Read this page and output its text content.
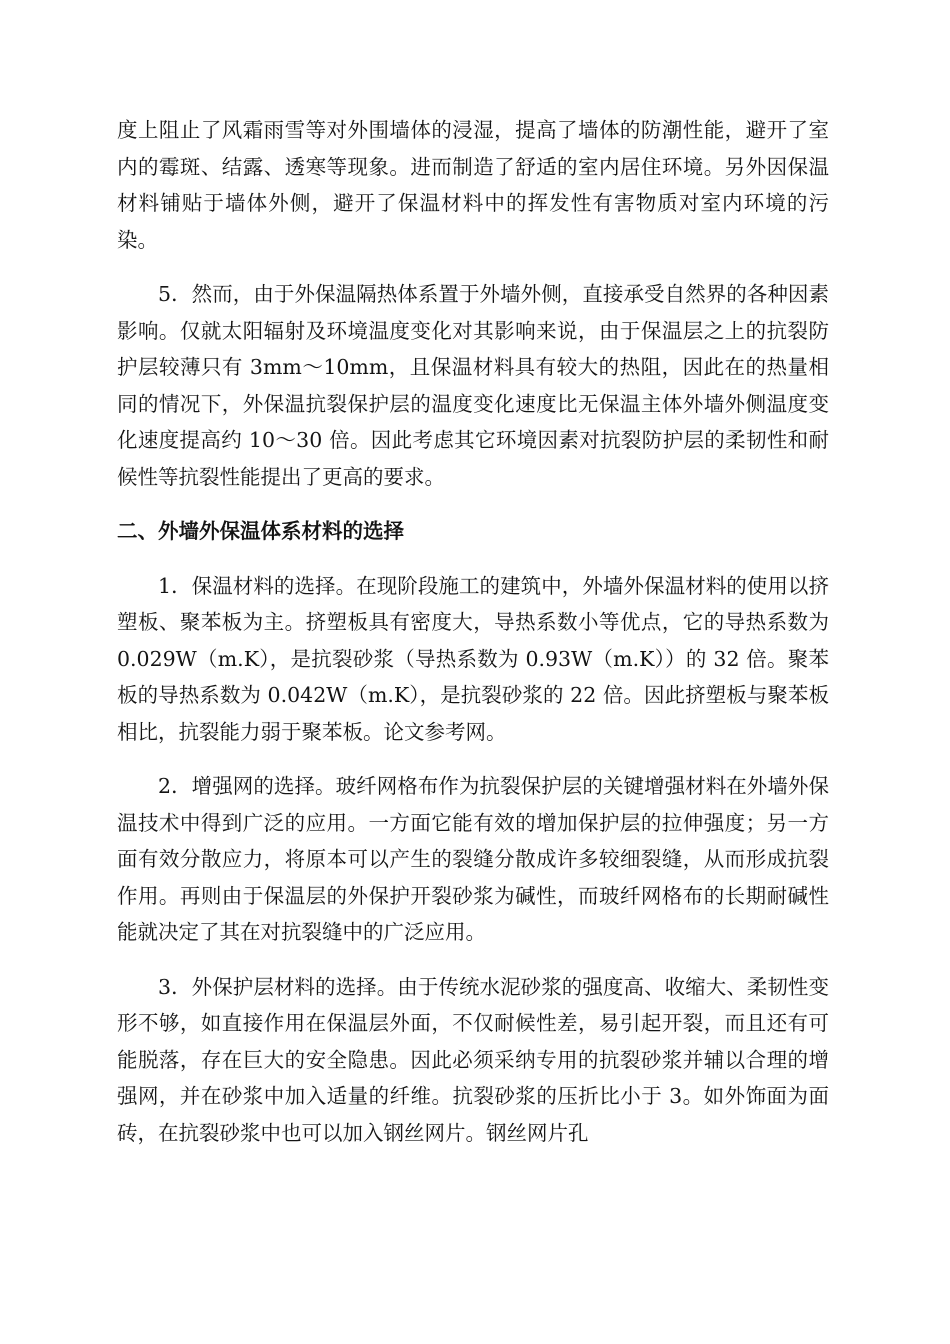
度上阻止了风霜雨雪等对外围墙体的浸湿，提高了墙体的防潮性能，避开了室内的霉斑、结露、透寒等现象。进而制造了舒适的室内居住环境。另外因保温材料铺贴于墙体外侧，避开了保温材料中的挥发性有害物质对室内环境的污染。

5．然而，由于外保温隔热体系置于外墙外侧，直接承受自然界的各种因素影响。仅就太阳辐射及环境温度变化对其影响来说，由于保温层之上的抗裂防护层较薄只有 3mm～10mm，且保温材料具有较大的热阻，因此在的热量相同的情况下，外保温抗裂保护层的温度变化速度比无保温主体外墙外侧温度变化速度提高约 10～30 倍。因此考虑其它环境因素对抗裂防护层的柔韧性和耐候性等抗裂性能提出了更高的要求。

二、外墙外保温体系材料的选择

1．保温材料的选择。在现阶段施工的建筑中，外墙外保温材料的使用以挤塑板、聚苯板为主。挤塑板具有密度大，导热系数小等优点，它的导热系数为 0.029W（m.K），是抗裂砂浆（导热系数为 0.93W（m.K））的 32 倍。聚苯板的导热系数为 0.042W（m.K），是抗裂砂浆的 22 倍。因此挤塑板与聚苯板相比，抗裂能力弱于聚苯板。论文参考网。

2．增强网的选择。玻纤网格布作为抗裂保护层的关键增强材料在外墙外保温技术中得到广泛的应用。一方面它能有效的增加保护层的拉伸强度；另一方面有效分散应力，将原本可以产生的裂缝分散成许多较细裂缝，从而形成抗裂作用。再则由于保温层的外保护开裂砂浆为碱性，而玻纤网格布的长期耐碱性能就决定了其在对抗裂缝中的广泛应用。

3．外保护层材料的选择。由于传统水泥砂浆的强度高、收缩大、柔韧性变形不够，如直接作用在保温层外面，不仅耐候性差，易引起开裂，而且还有可能脱落，存在巨大的安全隐患。因此必须采纳专用的抗裂砂浆并辅以合理的增强网，并在砂浆中加入适量的纤维。抗裂砂浆的压折比小于 3。如外饰面为面砖，在抗裂砂浆中也可以加入钢丝网片。钢丝网片孔
